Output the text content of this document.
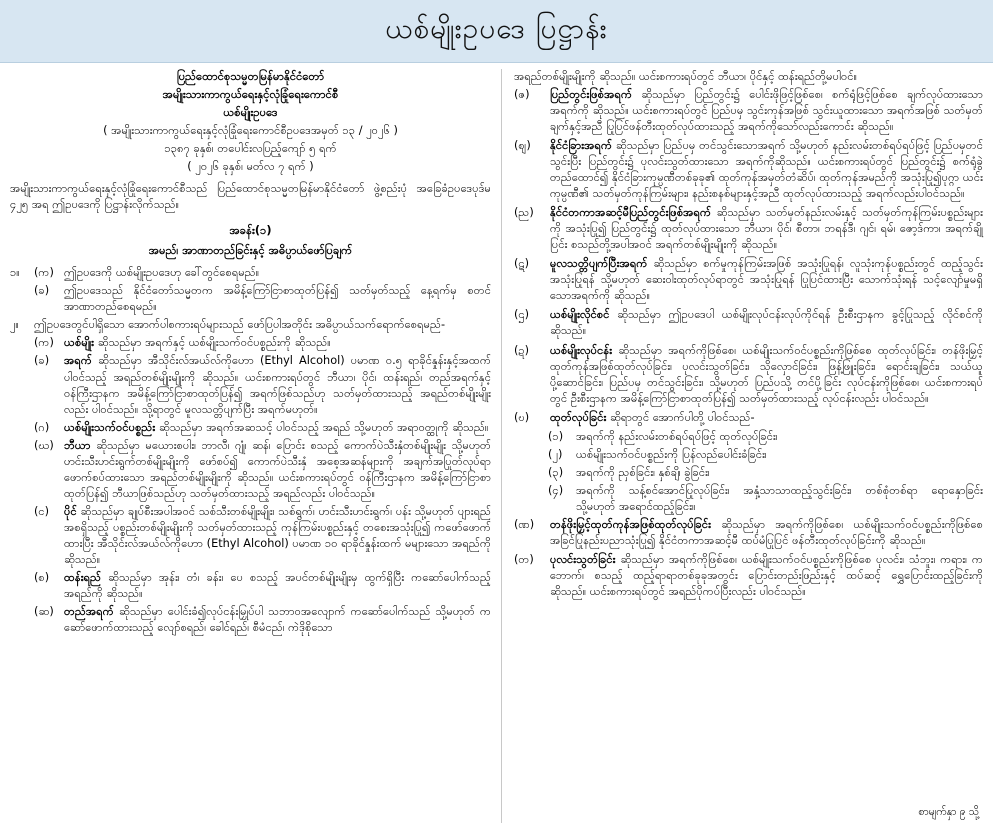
ယစ်မျိုးဥပဒေ ပြဋ္ဌာန်း
ပြည်ထောင်စုသမ္မတမြန်မာနိုင်ငံတော်
အမျိုးသားကာကွယ်ရေးနှင့်လုံခြုံရေးကောင်စီ
ယစ်မျိုးဥပဒေ
( အမျိုးသားကာကွယ်ရေးနှင့်လုံခြုံရေးကောင်စီဥပဒေအမှတ် ၁၃ / ၂၀၂၆ )
၁၃၈၇ ခုနှစ်၊ တပေါင်းလပြည့်ကျော် ၅ ရက်
( ၂၀၂၆ ခုနှစ်၊ မတ်လ ၇ ရက် )
အမျိုးသားကာကွယ်ရေးနှင့်လုံခြုံရေးကောင်စီသည် ပြည်ထောင်စုသမ္မတမြန်မာနိုင်ငံတော် ဖွဲ့စည်းပုံ အခြေခံဥပဒေပုဒ်မ ၄၂၅ အရ ဤဥပဒေကို ပြဋ္ဌာန်းလိုက်သည်။
အခန်း(၁)
အမည်၊ အာဏာတည်ခြင်းနှင့် အဓိပ္ပာယ်ဖော်ပြချက်
၁။	(က) ဤဥပဒေကို ယစ်မျိုးဥပဒေဟု ခေါ်တွင်စေရမည်။
(ခ)	ဤဥပဒေသည် နိုင်ငံတော်သမ္မတက အမိန့်ကြော်ငြာစာထုတ်ပြန်၍ သတ်မှတ်သည့် နေ့ရက်မှ စတင်အာဏာတည်စေရမည်။
၂။	ဤဥပဒေတွင်ပါရှိသော အောက်ပါစကားရပ်များသည် ဖော်ပြပါအတိုင်း အဓိပ္ပာယ်သက်ရောက်စေရမည်-
(က) ယစ်မျိုး ဆိုသည်မှာ အရက်နှင့် ယစ်မျိုးသက်ဝင်ပစ္စည်းကို ဆိုသည်။
(ခ)	အရက် ဆိုသည်မှာ အီသိုင်းလ်အယ်လ်ကိုဟော (Ethyl Alcohol) ပမာဏ ၀.၅ ရာခိုင်နှုန်းနှင့်အထက် ပါဝင်သည့် အရည်တစ်မျိုးမျိုးကို ဆိုသည်။ ယင်းစကားရပ်တွင် ဘီယာ၊ ပိုင်၊ ထန်းရည်၊ တည်အရက်နှင့် ဝန်ကြီးဌာနက အမိန့်ကြော်ငြာစာထုတ်ပြန်၍ အရက်ဖြစ်သည်ဟု သတ်မှတ်ထားသည့် အရည်တစ်မျိုးမျိုးလည်း ပါဝင်သည်။ သို့ရာတွင် မူလသတ္တိပျက်ပြီး အရက်မဟုတ်။
(ဂ)	ယစ်မျိုးသက်ဝင်ပစ္စည်း ဆိုသည်မှာ အရက်အဆသင့် ပါဝင်သည့် အရည် သို့မဟုတ် အရာဝတ္ထုကို ဆိုသည်။
(ဃ) ဘီယာ ဆိုသည်မှာ မယေားစပါး၊ ဘာလီ၊ ဂျုံ၊ ဆန်၊ ပြောင်း စသည့် ကောက်ပဲသီးနှံတစ်မျိုးမျိုး သို့မဟုတ် ဟင်းသီးဟင်းရွက်တစ်မျိုးမျိုးကို ဖော်စပ်၍ ကောက်ပဲသီးနှံ အစေ့အဆန်များကို အချက်အပြုတ်လုပ်ရာ ဖောက်စပ်ထားသော အရည်တစ်မျိုးမျိုးကို ဆိုသည်။ ယင်းစကားရပ်တွင် ဝန်ကြီးဌာနက အမိန့်ကြော်ငြာစာထုတ်ပြန်၍ ဘီယာဖြစ်သည်ဟု သတ်မှတ်ထားသည့် အရည်လည်း ပါဝင်သည်။
(င)	ပိုင် ဆိုသည်မှာ ချုပ်စီးအပါအဝင် သစ်သီးတစ်မျိုးမျိုး၊ သစ်ရွက်၊ ဟင်းသီးဟင်းရွက်၊ ပန်း သို့မဟုတ် ပျားရည် အစရှိသည့် ပစ္စည်းတစ်မျိုးမျိုးကို သတ်မှတ်ထားသည့် ကုန်ကြမ်းပစ္စည်းနှင့် တစေးအသုံးပြု၍ ကဖော်ဖောက်ထားပြီး အီသိုင်းလ်အယ်လ်ကိုဟော (Ethyl Alcohol) ပမာဏ ၁၀ ရာခိုင်နှုန်းထက် မများသော အရည်ကို ဆိုသည်။
(စ)	ထန်းရည် ဆိုသည်မှာ အုန်း၊ တံ၊ ခန်း၊ ပေ စသည့် အပင်တစ်မျိုးမျိုးမှ ထွက်ရှိပြီး ကဆော်ပေါက်သည့် အရည်ကို ဆိုသည်။
(ဆ) တည်အရက် ဆိုသည်မှာ ပေါင်းခံ၍လုပ်ငန်းမြှုပ်ပါ သဘာဝအလျောက် ကဆော်ပေါက်သည် သို့မဟုတ် ကဆော်ဖောက်ထားသည့် လျော်စရည်၊ ခေါင်ရည်၊ စီမံငည်၊ ကဲဒိုစိုသော
အရည်တစ်မျိုးမျိုးကို ဆိုသည်။ ယင်းစကားရပ်တွင် ဘီယာ၊ ပိုင်နှင့် ထန်းရည်တို့မပါဝင်။
(ဇ)	ပြည်တွင်းဖြစ်အရက် ဆိုသည်မှာ ပြည်တွင်း၌ ပေါင်းဖိုဖြင့်ဖြစ်စေ၊ စက်ရုံဖြင့်ဖြစ်စေ ချက်လုပ်ထားသော အရက်ကို ဆိုသည်။ ယင်းစကားရပ်တွင် ပြည်ပမှ သွင်းကုန်အဖြစ် သွင်းယူထားသော အရက်အဖြစ် သတ်မှတ်ချက်နှင့်အညီ ပြုပြင်ဖန်တီးထုတ်လုပ်ထားသည့် အရက်ကိုသော်လည်းကောင်း ဆိုသည်။
(ဈ)	နိုင်ငံခြားအရက် ဆိုသည်မှာ ပြည်ပမှ တင်သွင်းသောအရက် သို့မဟုတ် နည်းလမ်းတစ်ရပ်ရပ်ဖြင့် ပြည်ပမှတင်သွင်းပြီး ပြည်တွင်း၌ ပုလင်းသွတ်ထားသော အရက်ကိုဆိုသည်။ ယင်းစကားရပ်တွင် ပြည်တွင်း၌ စက်ရုံခွဲတည်ထောင်၍ နိုင်ငံခြားကုမ္ပဏီတစ်ခုခု၏ ထုတ်ကုန်အမှတ်တံဆိပ်၊ ထုတ်ကုန်အမည်ကို အသုံးပြု၍ပုဂ္ဂာ ယင်းကုမ္ပဏီ၏ သတ်မှတ်ကုန်ကြမ်းများ၊ နည်းစနစ်များနှင့်အညီ ထုတ်လုပ်ထားသည့် အရက်လည်းပါဝင်သည်။
(ည)	နိုင်ငံတကာအဆင့်မီပြည်တွင်းဖြစ်အရက် ဆိုသည်မှာ သတ်မှတ်နည်းလမ်းနှင့် သတ်မှတ်ကုန်ကြမ်းပစ္စည်းများကို အသုံးပြု၍ ပြည်တွင်း၌ ထုတ်လုပ်ထားသော ဘီယာ၊ ပိုင်၊ စီတာ၊ ဘရန်ဒီ၊ ဂျင်၊ ရမ်၊ ဇော့ဒ်ကာ၊ အရက်ချိုပြင်း စသည်တို့အပါအဝင် အရက်တစ်မျိုးမျိုးကို ဆိုသည်။
(ဋ)	မူလသတ္တိပျက်ပြီးအရက် ဆိုသည်မှာ စက်မှုကုန်ကြမ်းအဖြစ် အသုံးပြုရန်၊ လူသုံးကုန်ပစ္စည်းတွင် ထည့်သွင်းအသုံးပြုရန် သို့မဟုတ် ဆေးဝါးထုတ်လုပ်ရာတွင် အသုံးပြုရန် ပြုပြင်ထားပြီး သောက်သုံးရန် သင့်လျော်မှုမရှိသောအရက်ကို ဆိုသည်။
(ဌ)	ယစ်မျိုးလိုင်စင် ဆိုသည်မှာ ဤဥပဒေပါ ယစ်မျိုးလုပ်ငန်းလုပ်ကိုင်ရန် ဦးစီးဌာနက ခွင့်ပြုသည့် လိုင်စင်ကို ဆိုသည်။
(ဍ)	ယစ်မျိုးလုပ်ငန်း ဆိုသည်မှာ အရက်ကိုဖြစ်စေ၊ ယစ်မျိုးသက်ဝင်ပစ္စည်းကိုဖြစ်စေ ထုတ်လုပ်ခြင်း၊ တန်ဖိုးမြှင့်ထုတ်ကုန်အဖြစ်ထုတ်လုပ်ခြင်း၊ ပုလင်းသွတ်ခြင်း၊ သိုလှောင်ခြင်း၊ ဖြန့်ဖြူးခြင်း၊ ရောင်းချခြင်း၊ သယ်ယူပို့ဆောင်ခြင်း၊ ပြည်ပမှ တင်သွင်းခြင်း၊ သို့မဟုတ် ပြည်ပသို့ တင်ပို့ခြင်း လုပ်ငန်းကိုဖြစ်စေ၊ ယင်းစကားရပ်တွင် ဦးစီးဌာနက အမိန့်ကြော်ငြာစာထုတ်ပြန်၍ သတ်မှတ်ထားသည့် လုပ်ငန်းလည်း ပါဝင်သည်။
(ဎ)	ထုတ်လုပ်ခြင်း ဆိုရာတွင် အောက်ပါတို့ ပါဝင်သည်-
(၁)	အရက်ကို နည်းလမ်းတစ်ရပ်ရပ်ဖြင့် ထုတ်လုပ်ခြင်း၊
(၂)	ယစ်မျိုးသက်ဝင်ပစ္စည်းကို ပြန်လည်ပေါင်းခံခြင်း၊
(၃)	အရက်ကို ညှစ်ခြင်း၊ နှစ်ချိ၊ ခွဲခြင်း၊
(၄)	အရက်ကို သန့်စင်အောင်ပြုလုပ်ခြင်း၊ အနှံ့သာသာထည့်သွင်းခြင်း၊ တစ်စုံတစ်ရာ ရောနှောခြင်း သို့မဟုတ် အရောင်ထည့်ခြင်း။
(ဏ)	တန်ဖိုးမြှင့်ထုတ်ကုန်အဖြစ်ထုတ်လုပ်ခြင်း ဆိုသည်မှာ အရက်ကိုဖြစ်စေ၊ ယစ်မျိုးသက်ဝင်ပစ္စည်းကိုဖြစ်စေ အခြင်ပြုနည်းပညာသုံးပြု၍ နိုင်ငံတကာအဆင့်မီ ထပ်မံပြုပြင် ဖန်တီးထုတ်လုပ်ခြင်းကို ဆိုသည်။
(တ)	ပုလင်းသွတ်ခြင်း ဆိုသည်မှာ အရက်ကိုဖြစ်စေ၊ ယစ်မျိုးသက်ဝင်ပစ္စည်းကိုဖြစ်စေ ပုလင်း၊ သံဘူး၊ ကရား၊ ကဘောက်၊ စသည့် ထည့်ရာရာတစ်ခုခုအတွင်း ပြောင်းတည်းဖြည်းနှင့် ထပ်ဆင့် ရွှေပြောင်းထည့်ခြင်းကို ဆိုသည်။ ယင်းစကားရပ်တွင် အရည်ပိုကပ်ပြီးလည်း ပါဝင်သည်။
စာမျက်နှာ ၉ သို့
